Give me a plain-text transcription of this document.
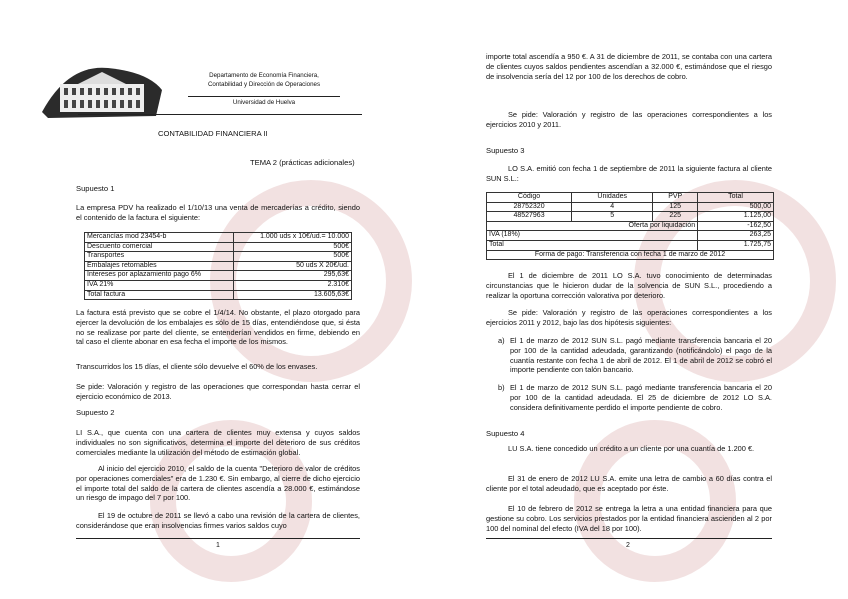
Departamento de Economía Financiera,
Contabilidad y Dirección de Operaciones
Universidad de Huelva
CONTABILIDAD FINANCIERA II
TEMA 2 (prácticas adicionales)
Supuesto 1
La empresa PDV ha realizado el 1/10/13 una venta de mercaderías a crédito, siendo el contenido de la factura el siguiente:
Mercancías mod 23454-b	1.000 uds x 10€/ud.= 10.000
Descuento comercial	500€
Transportes	500€
Embalajes retornables	50 uds X 20€/ud.
Intereses por aplazamiento pago 6%	295,63€
IVA 21%	2.310€
Total factura	13.605,63€
La factura está previsto que se cobre el 1/4/14. No obstante, el plazo otorgado para ejercer la devolución de los embalajes es sólo de 15 días, entendiéndose que, si ésta no se realizase por parte del cliente, se entenderían vendidos en firme, debiendo en tal caso el cliente abonar en esa fecha el importe de los mismos.
Transcurridos los 15 días, el cliente sólo devuelve el 60% de los envases.
Se pide: Valoración y registro de las operaciones que correspondan hasta cerrar el ejercicio económico de 2013.
Supuesto 2
LI S.A., que cuenta con una cartera de clientes muy extensa y cuyos saldos individuales no son significativos, determina el importe del deterioro de sus créditos comerciales mediante la utilización del método de estimación global.
Al inicio del ejercicio 2010, el saldo de la cuenta "Deterioro de valor de créditos por operaciones comerciales" era de 1.230 €. Sin embargo, al cierre de dicho ejercicio el importe total del saldo de la cartera de clientes ascendía a 28.000 €, estimándose un riesgo de impago del 7 por 100.
El 19 de octubre de 2011 se llevó a cabo una revisión de la cartera de clientes, considerándose que eran insolvencias firmes varios saldos cuyo
1
importe total ascendía a 950 €. A 31 de diciembre de 2011, se contaba con una cartera de clientes cuyos saldos pendientes ascendían a 32.000 €, estimándose que el riesgo de insolvencia sería del 12 por 100 de los derechos de cobro.
Se pide: Valoración y registro de las operaciones correspondientes a los ejercicios 2010 y 2011.
Supuesto 3
LO S.A. emitió con fecha 1 de septiembre de 2011 la siguiente factura al cliente SUN S.L.:
Código	Unidades	PVP	Total
28752320	4	125	500,00
48527963	5	225	1.125,00
Oferta por liquidación			-162,50
IVA (18%)			263,25
Total			1.725,75
Forma de pago: Transferencia con fecha 1 de marzo de 2012			
El 1 de diciembre de 2011 LO S.A. tuvo conocimiento de determinadas circunstancias que le hicieron dudar de la solvencia de SUN S.L., procediendo a realizar la oportuna corrección valorativa por deterioro.
Se pide: Valoración y registro de las operaciones correspondientes a los ejercicios 2011 y 2012, bajo las dos hipótesis siguientes:
a) El 1 de marzo de 2012 SUN S.L. pagó mediante transferencia bancaria el 20 por 100 de la cantidad adeudada, garantizando (notificándolo) el pago de la cuantía restante con fecha 1 de abril de 2012. El 1 de abril de 2012 se cobró el importe pendiente con talón bancario.
b) El 1 de marzo de 2012 SUN S.L. pagó mediante transferencia bancaria el 20 por 100 de la cantidad adeudada. El 25 de diciembre de 2012 LO S.A. considera definitivamente perdido el importe pendiente de cobro.
Supuesto 4
LU S.A. tiene concedido un crédito a un cliente por una cuantía de 1.200 €.
El 31 de enero de 2012 LU S.A. emite una letra de cambio a 60 días contra el cliente por el total adeudado, que es aceptado por éste.
El 10 de febrero de 2012 se entrega la letra a una entidad financiera para que gestione su cobro. Los servicios prestados por la entidad financiera ascienden al 2 por 100 del nominal del efecto (IVA del 18 por 100).
2
